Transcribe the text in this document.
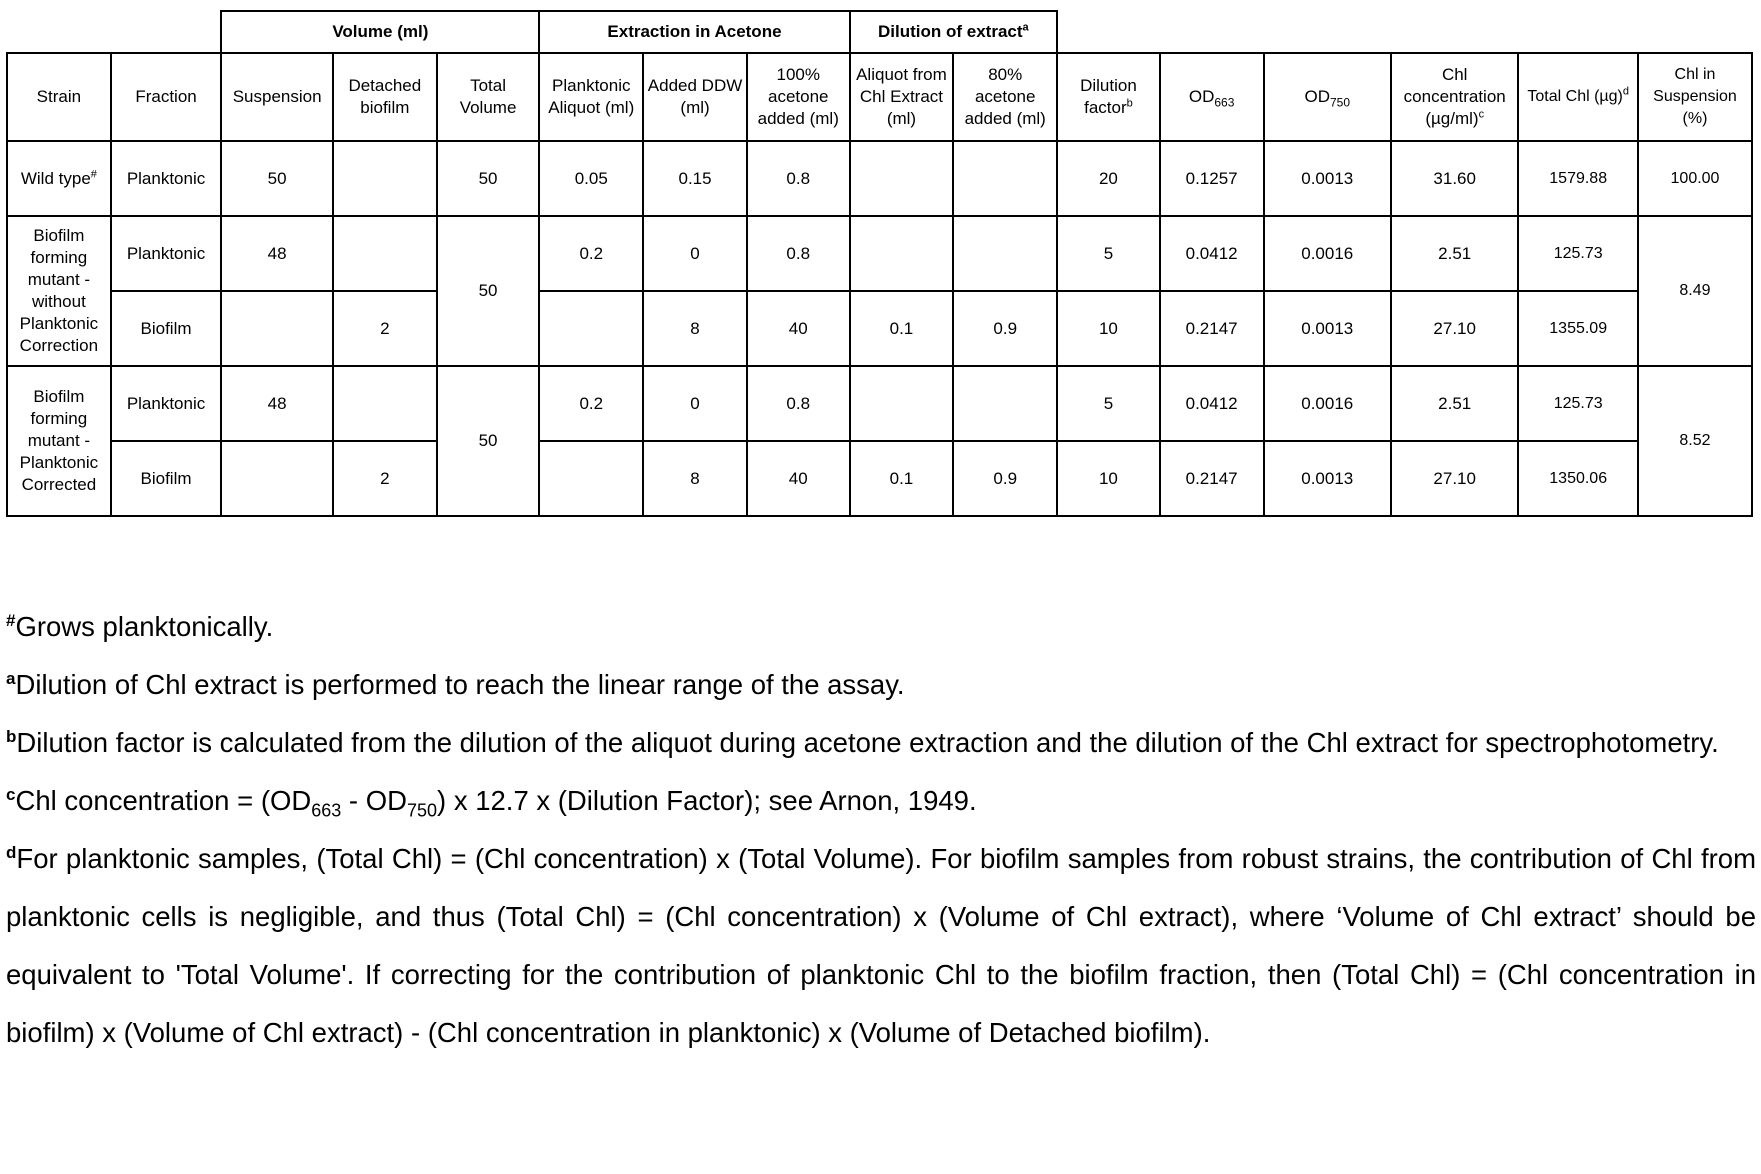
		Volume (ml)			Extraction in Acetone			Dilution of extract$^a$	
Strain	Fraction	Suspension	Detached biofilm	Total Volume	Planktonic Aliquot (ml)	Added DDW (ml)	100% acetone added (ml)	Aliquot from Chl Extract (ml)	80% acetone added (ml)	Dilution factor$^b$	$OD_{663}$	$OD_{750}$	Chl concentration $(\mu g/ml)^c$	Total Chl $(\mu g)^d$	Chl in Suspension (%)
Wild type#	Planktonic	50		50	0.05	0.15	0.8			20	0.1257	0.0013	31.60	1579.88	100.00
Biofilm forming mutant - without Planktonic Correction	Planktonic	48		50	0.2	0	0.8			5	0.0412	0.0016	2.51	125.73	8.49
	Biofilm		2			8	40	0.1	0.9	10	0.2147	0.0013	27.10	1355.09	
Biofilm forming mutant - Planktonic Corrected	Planktonic	48		50	0.2	0	0.8			5	0.0412	0.0016	2.51	125.73	8.52
	Biofilm		2			8	40	0.1	0.9	10	0.2147	0.0013	27.10	1350.06	

#Grows planktonically.

$^a$Dilution of Chl extract is performed to reach the linear range of the assay.

$^b$Dilution factor is calculated from the dilution of the aliquot during acetone extraction and the dilution of the Chl extract for spectrophotometry.

$^c$Chl concentration = $(OD_{663} - OD_{750})$ x 12.7 x (Dilution Factor); see Arnon, 1949.

$^d$For planktonic samples, (Total Chl) = (Chl concentration) x (Total Volume). For biofilm samples from robust strains, the contribution of Chl from planktonic cells is negligible, and thus (Total Chl) = (Chl concentration) x (Volume of Chl extract), where ‘Volume of Chl extract’ should be equivalent to 'Total Volume'. If correcting for the contribution of planktonic Chl to the biofilm fraction, then (Total Chl) = (Chl concentration in biofilm) x (Volume of Chl extract) - (Chl concentration in planktonic) x (Volume of Detached biofilm).
